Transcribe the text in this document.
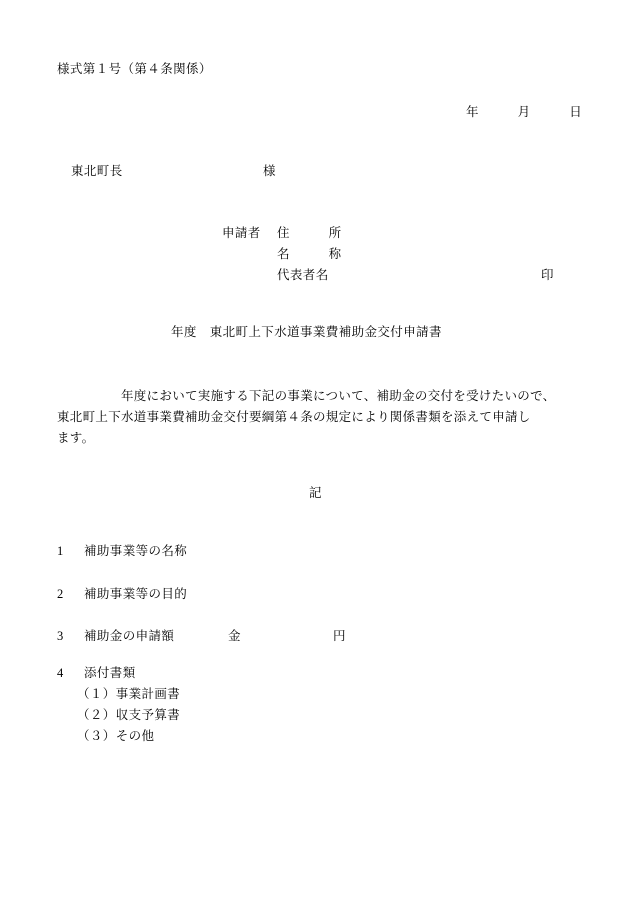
様式第１号（第４条関係）
年　　　月　　　日
東北町長	様
申請者 住　　　所
名　　　称
代表者名	印
年度　東北町上下水道事業費補助金交付申請書
　　　　　年度において実施する下記の事業について、補助金の交付を受けたいので、
東北町上下水道事業費補助金交付要綱第４条の規定により関係書類を添えて申請し
ます。
記
1 補助事業等の名称
2 補助事業等の目的
3 補助金の申請額	金	円
4 添付書類
（１）事業計画書
（２）収支予算書
（３）その他
